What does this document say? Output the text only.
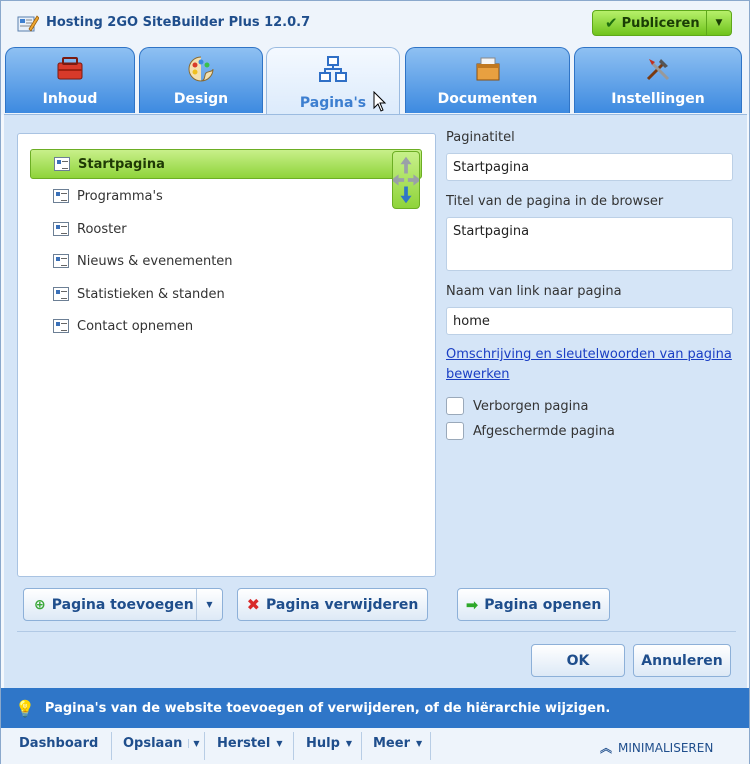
Hosting 2GO SiteBuilder Plus 12.0.7	✔ Publiceren ▼
Inhoud	Design	Pagina's	Documenten	Instellingen
Startpagina
Programma's
Rooster
Nieuws & evenementen
Statistieken & standen
Contact opnemen
Paginatitel
Startpagina
Titel van de pagina in de browser
Startpagina
Naam van link naar pagina
home
Omschrijving en sleutelwoorden van pagina bewerken
Verborgen pagina
Afgeschermde pagina
⊕ Pagina toevoegen	▼	✖ Pagina verwijderen	➡ Pagina openen
OK	Annuleren
💡 Pagina's van de website toevoegen of verwijderen, of de hiërarchie wijzigen.
Dashboard Opslaan	▼ Herstel ▼ Hulp ▼ Meer ▼	︽ MINIMALISEREN
